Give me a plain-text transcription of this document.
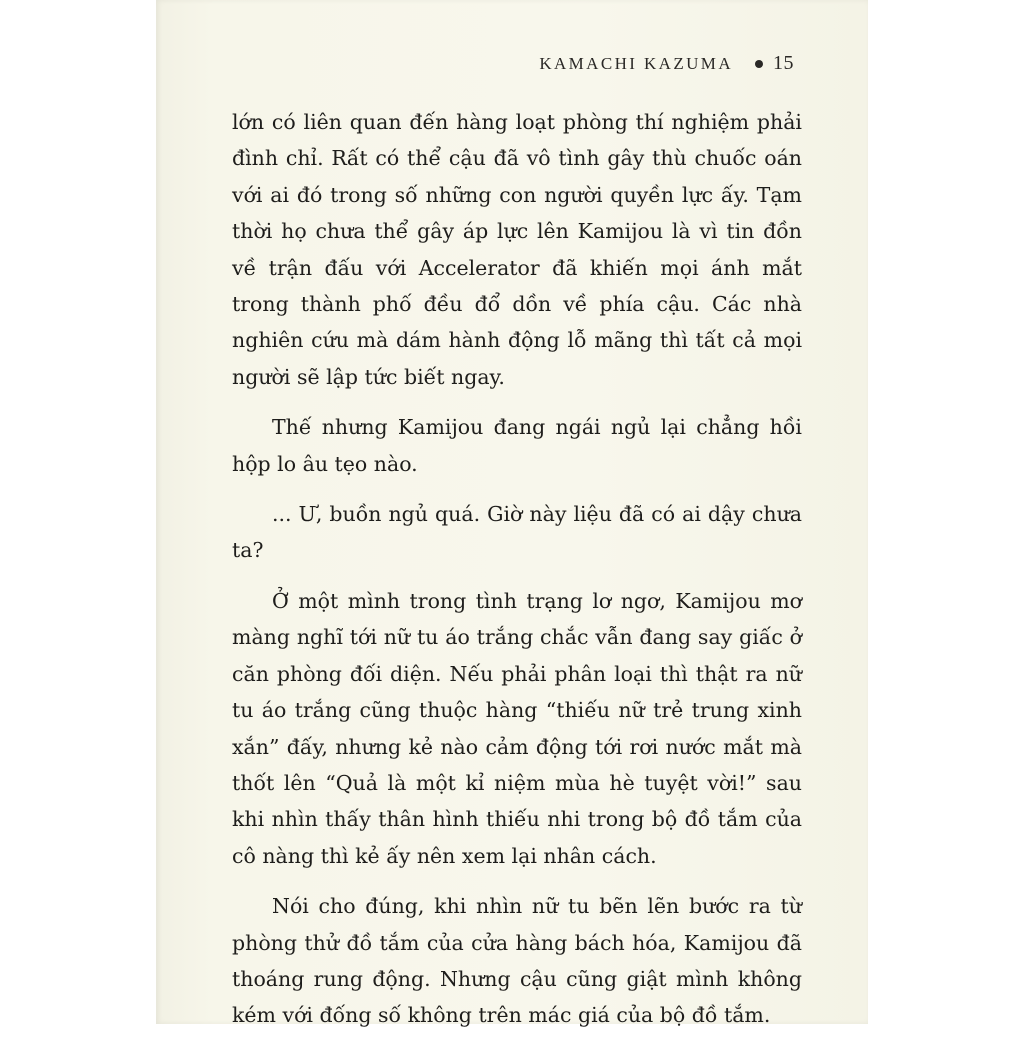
KAMACHI KAZUMA 15

lớn có liên quan đến hàng loạt phòng thí nghiệm phải đình chỉ. Rất có thể cậu đã vô tình gây thù chuốc oán với ai đó trong số những con người quyền lực ấy. Tạm thời họ chưa thể gây áp lực lên Kamijou là vì tin đồn về trận đấu với Accelerator đã khiến mọi ánh mắt trong thành phố đều đổ dồn về phía cậu. Các nhà nghiên cứu mà dám hành động lỗ mãng thì tất cả mọi người sẽ lập tức biết ngay.

Thế nhưng Kamijou đang ngái ngủ lại chẳng hồi hộp lo âu tẹo nào.

... Ư, buồn ngủ quá. Giờ này liệu đã có ai dậy chưa ta?

Ở một mình trong tình trạng lơ ngơ, Kamijou mơ màng nghĩ tới nữ tu áo trắng chắc vẫn đang say giấc ở căn phòng đối diện. Nếu phải phân loại thì thật ra nữ tu áo trắng cũng thuộc hàng “thiếu nữ trẻ trung xinh xắn” đấy, nhưng kẻ nào cảm động tới rơi nước mắt mà thốt lên “Quả là một kỉ niệm mùa hè tuyệt vời!” sau khi nhìn thấy thân hình thiếu nhi trong bộ đồ tắm của cô nàng thì kẻ ấy nên xem lại nhân cách.

Nói cho đúng, khi nhìn nữ tu bẽn lẽn bước ra từ phòng thử đồ tắm của cửa hàng bách hóa, Kamijou đã thoáng rung động. Nhưng cậu cũng giật mình không kém với đống số không trên mác giá của bộ đồ tắm.
